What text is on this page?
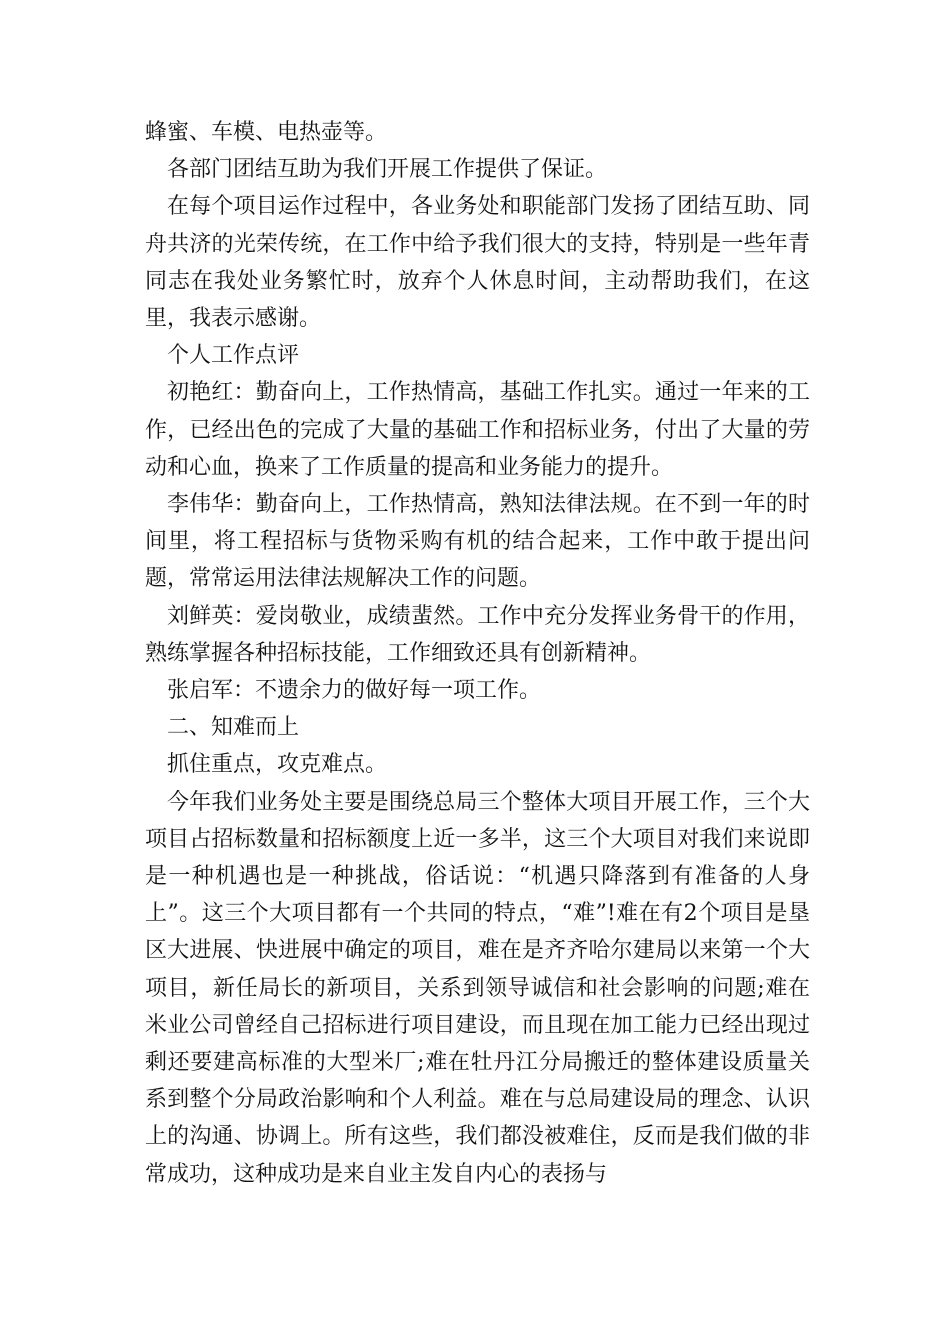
蜂蜜、车模、电热壶等。

各部门团结互助为我们开展工作提供了保证。

在每个项目运作过程中，各业务处和职能部门发扬了团结互助、同舟共济的光荣传统，在工作中给予我们很大的支持，特别是一些年青同志在我处业务繁忙时，放弃个人休息时间，主动帮助我们，在这里，我表示感谢。

个人工作点评

初艳红：勤奋向上，工作热情高，基础工作扎实。通过一年来的工作，已经出色的完成了大量的基础工作和招标业务，付出了大量的劳动和心血，换来了工作质量的提高和业务能力的提升。

李伟华：勤奋向上，工作热情高，熟知法律法规。在不到一年的时间里，将工程招标与货物采购有机的结合起来，工作中敢于提出问题，常常运用法律法规解决工作的问题。

刘鲜英：爱岗敬业，成绩蜚然。工作中充分发挥业务骨干的作用，熟练掌握各种招标技能，工作细致还具有创新精神。

张启军：不遗余力的做好每一项工作。

二、知难而上

抓住重点，攻克难点。

今年我们业务处主要是围绕总局三个整体大项目开展工作，三个大项目占招标数量和招标额度上近一多半，这三个大项目对我们来说即是一种机遇也是一种挑战，俗话说：“机遇只降落到有准备的人身上”。这三个大项目都有一个共同的特点，“难”!难在有2个项目是垦区大进展、快进展中确定的项目，难在是齐齐哈尔建局以来第一个大项目，新任局长的新项目，关系到领导诚信和社会影响的问题;难在米业公司曾经自己招标进行项目建设，而且现在加工能力已经出现过剩还要建高标准的大型米厂;难在牡丹江分局搬迁的整体建设质量关系到整个分局政治影响和个人利益。难在与总局建设局的理念、认识上的沟通、协调上。所有这些，我们都没被难住，反而是我们做的非常成功，这种成功是来自业主发自内心的表扬与
